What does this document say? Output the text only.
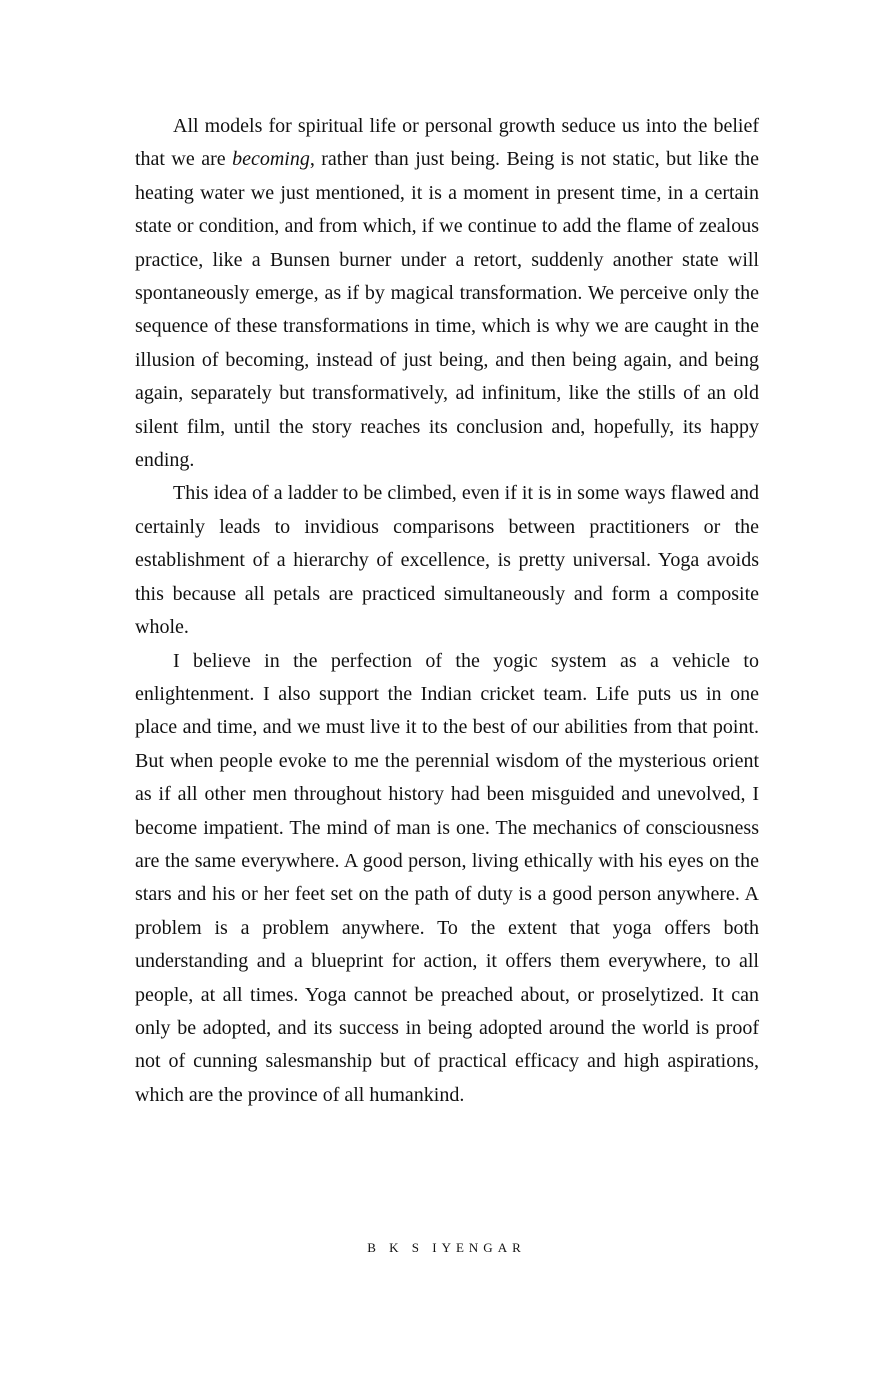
All models for spiritual life or personal growth seduce us into the belief that we are becoming, rather than just being. Being is not static, but like the heating water we just mentioned, it is a moment in present time, in a certain state or condition, and from which, if we continue to add the flame of zealous practice, like a Bunsen burner under a retort, suddenly another state will spontaneously emerge, as if by magical transformation. We perceive only the sequence of these transformations in time, which is why we are caught in the illusion of becoming, instead of just being, and then being again, and being again, separately but transformatively, ad infinitum, like the stills of an old silent film, until the story reaches its conclusion and, hopefully, its happy ending.

This idea of a ladder to be climbed, even if it is in some ways flawed and certainly leads to invidious comparisons between practitioners or the establishment of a hierarchy of excellence, is pretty universal. Yoga avoids this because all petals are practiced simultaneously and form a composite whole.

I believe in the perfection of the yogic system as a vehicle to enlightenment. I also support the Indian cricket team. Life puts us in one place and time, and we must live it to the best of our abilities from that point. But when people evoke to me the perennial wisdom of the mysterious orient as if all other men throughout history had been misguided and unevolved, I become impatient. The mind of man is one. The mechanics of consciousness are the same everywhere. A good person, living ethically with his eyes on the stars and his or her feet set on the path of duty is a good person anywhere. A problem is a problem anywhere. To the extent that yoga offers both understanding and a blueprint for action, it offers them everywhere, to all people, at all times. Yoga cannot be preached about, or proselytized. It can only be adopted, and its success in being adopted around the world is proof not of cunning salesmanship but of practical efficacy and high aspirations, which are the province of all humankind.

B K S IYENGAR
